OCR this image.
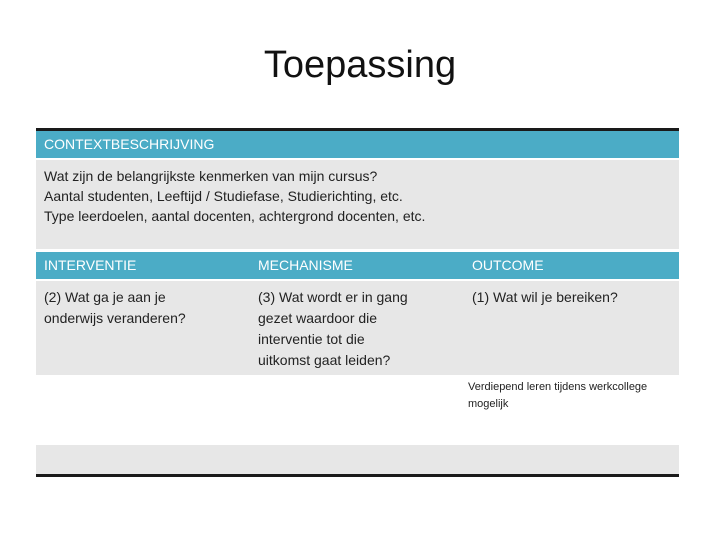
Toepassing
CONTEXTBESCHRIJVING
Wat zijn de belangrijkste kenmerken van mijn cursus?
Aantal studenten, Leeftijd / Studiefase, Studierichting, etc.
Type leerdoelen, aantal docenten, achtergrond docenten, etc.
INTERVENTIE	MECHANISME	OUTCOME
(2) Wat ga je aan je
onderwijs veranderen?
(3) Wat wordt er in gang
gezet waardoor die
interventie tot die
uitkomst gaat leiden?
(1) Wat wil je bereiken?
Verdiepend leren tijdens werkcollege
mogelijk
